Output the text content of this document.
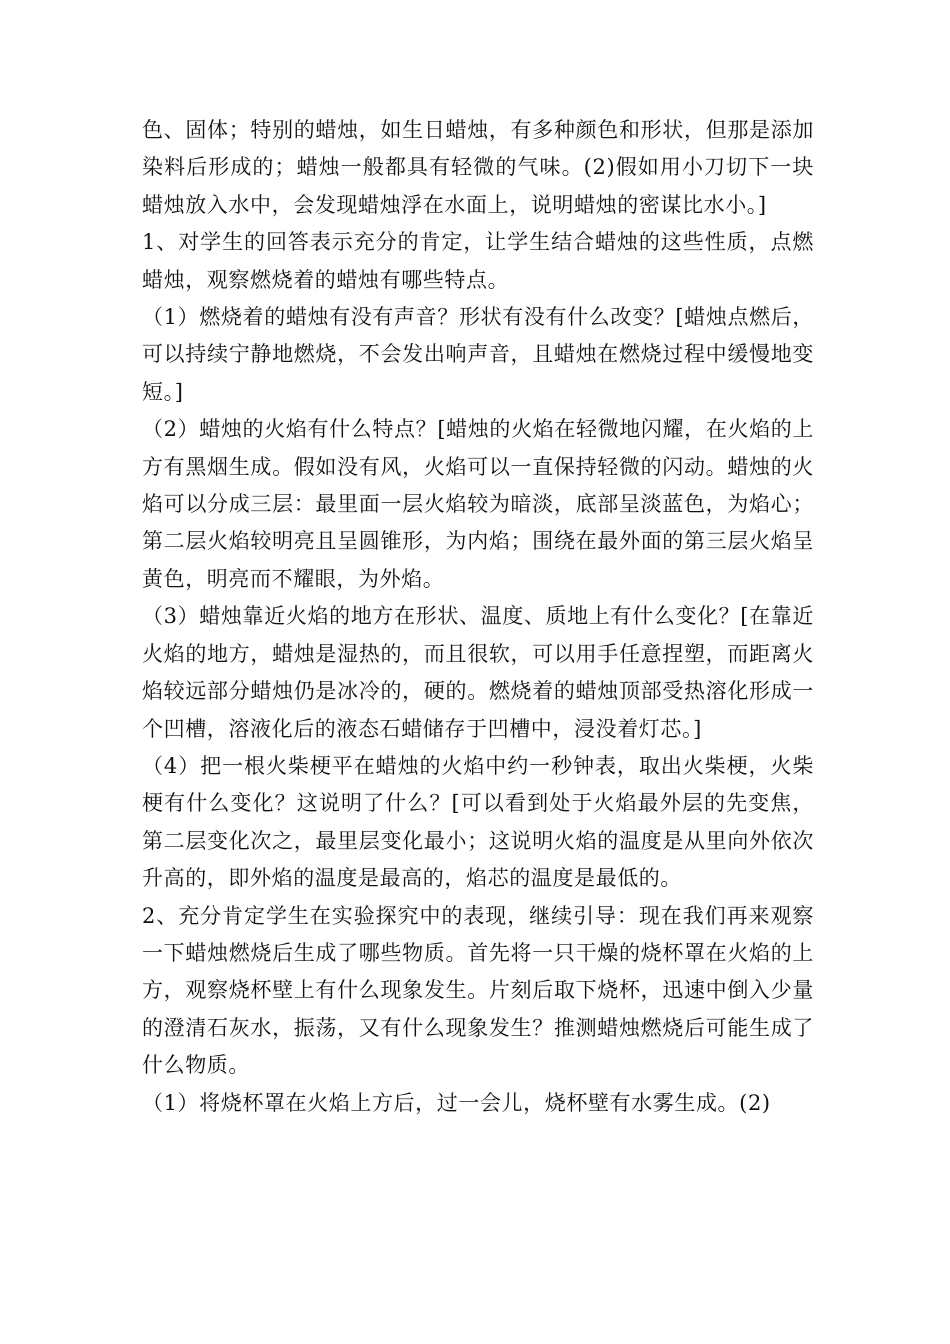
色、固体；特别的蜡烛，如生日蜡烛，有多种颜色和形状，但那是添加染料后形成的；蜡烛一般都具有轻微的气味。(2)假如用小刀切下一块蜡烛放入水中，会发现蜡烛浮在水面上，说明蜡烛的密谋比水小。]

1、对学生的回答表示充分的肯定，让学生结合蜡烛的这些性质，点燃蜡烛，观察燃烧着的蜡烛有哪些特点。

（1）燃烧着的蜡烛有没有声音？形状有没有什么改变？[蜡烛点燃后，可以持续宁静地燃烧，不会发出响声音，且蜡烛在燃烧过程中缓慢地变短。]

（2）蜡烛的火焰有什么特点？[蜡烛的火焰在轻微地闪耀，在火焰的上方有黑烟生成。假如没有风，火焰可以一直保持轻微的闪动。蜡烛的火焰可以分成三层：最里面一层火焰较为暗淡，底部呈淡蓝色，为焰心；第二层火焰较明亮且呈圆锥形，为内焰；围绕在最外面的第三层火焰呈黄色，明亮而不耀眼，为外焰。

（3）蜡烛靠近火焰的地方在形状、温度、质地上有什么变化？[在靠近火焰的地方，蜡烛是湿热的，而且很软，可以用手任意捏塑，而距离火焰较远部分蜡烛仍是冰冷的，硬的。燃烧着的蜡烛顶部受热溶化形成一个凹槽，溶液化后的液态石蜡储存于凹槽中，浸没着灯芯。]

（4）把一根火柴梗平在蜡烛的火焰中约一秒钟表，取出火柴梗，火柴梗有什么变化？这说明了什么？[可以看到处于火焰最外层的先变焦，第二层变化次之，最里层变化最小；这说明火焰的温度是从里向外依次升高的，即外焰的温度是最高的，焰芯的温度是最低的。

2、充分肯定学生在实验探究中的表现，继续引导：现在我们再来观察一下蜡烛燃烧后生成了哪些物质。首先将一只干燥的烧杯罩在火焰的上方，观察烧杯壁上有什么现象发生。片刻后取下烧杯，迅速中倒入少量的澄清石灰水，振荡，又有什么现象发生？推测蜡烛燃烧后可能生成了什么物质。

（1）将烧杯罩在火焰上方后，过一会儿，烧杯壁有水雾生成。(2)
